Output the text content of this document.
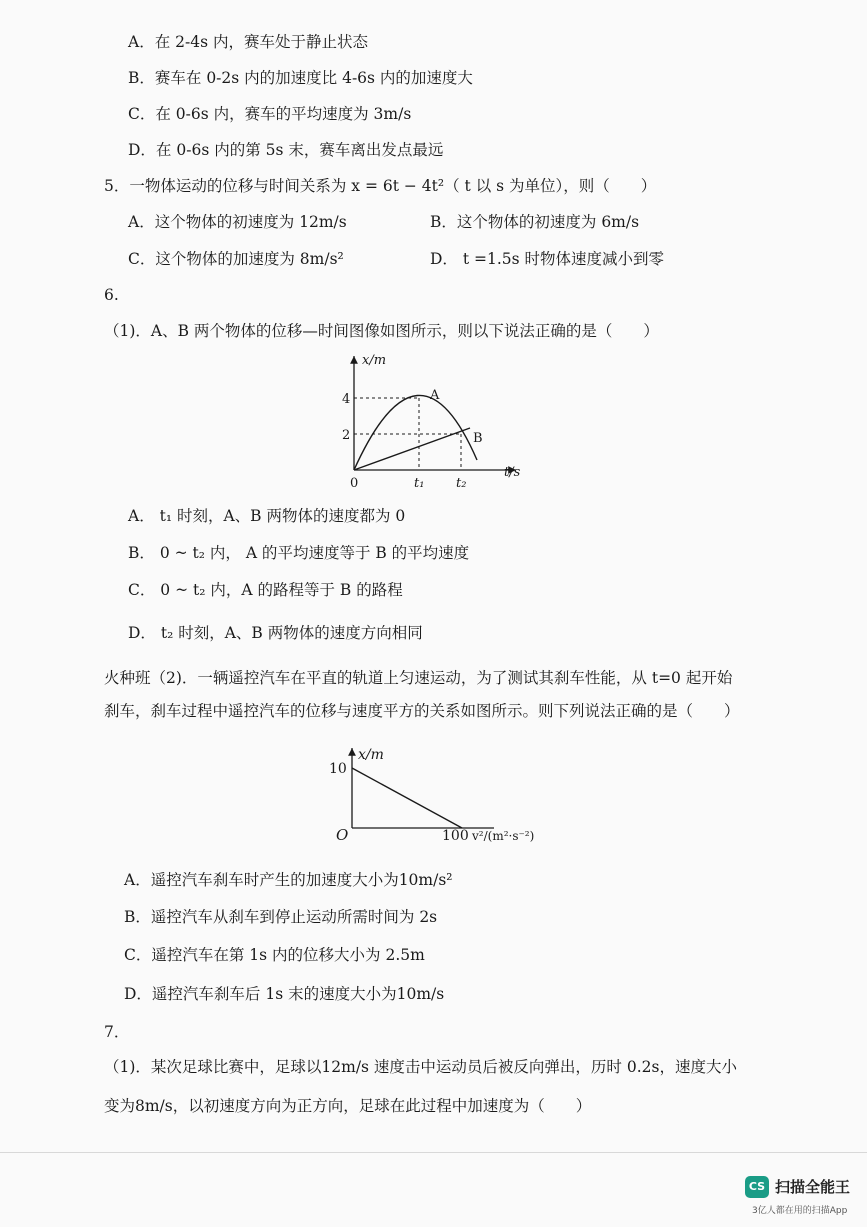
A．在 2-4s 内，赛车处于静止状态
B．赛车在 0-2s 内的加速度比 4-6s 内的加速度大
C．在 0-6s 内，赛车的平均速度为 3m/s
D．在 0-6s 内的第 5s 末，赛车离出发点最远
5．一物体运动的位移与时间关系为 x = 6t − 4t²（ t 以 s 为单位），则（　　）
A．这个物体的初速度为 12m/s	B．这个物体的初速度为 6m/s
C．这个物体的加速度为 8m/s²	D． t =1.5s 时物体速度减小到零
6.
（1)．A、B 两个物体的位移—时间图像如图所示，则以下说法正确的是（　　）
x/m
t/s
4
2
0	t₁ t₂
A
B
A． t₁ 时刻，A、B 两物体的速度都为 0
B． 0 ~ t₂ 内， A 的平均速度等于 B 的平均速度
C． 0 ~ t₂ 内，A 的路程等于 B 的路程
D． t₂ 时刻，A、B 两物体的速度方向相同
火种班（2)．一辆遥控汽车在平直的轨道上匀速运动，为了测试其刹车性能，从 t=0 起开始
刹车，刹车过程中遥控汽车的位移与速度平方的关系如图所示。则下列说法正确的是（　　）
x/m
10
O	100 v²/(m²·s⁻²)
A．遥控汽车刹车时产生的加速度大小为10m/s²
B．遥控汽车从刹车到停止运动所需时间为 2s
C．遥控汽车在第 1s 内的位移大小为 2.5m
D．遥控汽车刹车后 1s 末的速度大小为10m/s
7．
（1)．某次足球比赛中，足球以12m/s 速度击中运动员后被反向弹出，历时 0.2s，速度大小
变为8m/s，以初速度方向为正方向，足球在此过程中加速度为（　　）
CS 扫描全能王
3亿人都在用的扫描App
